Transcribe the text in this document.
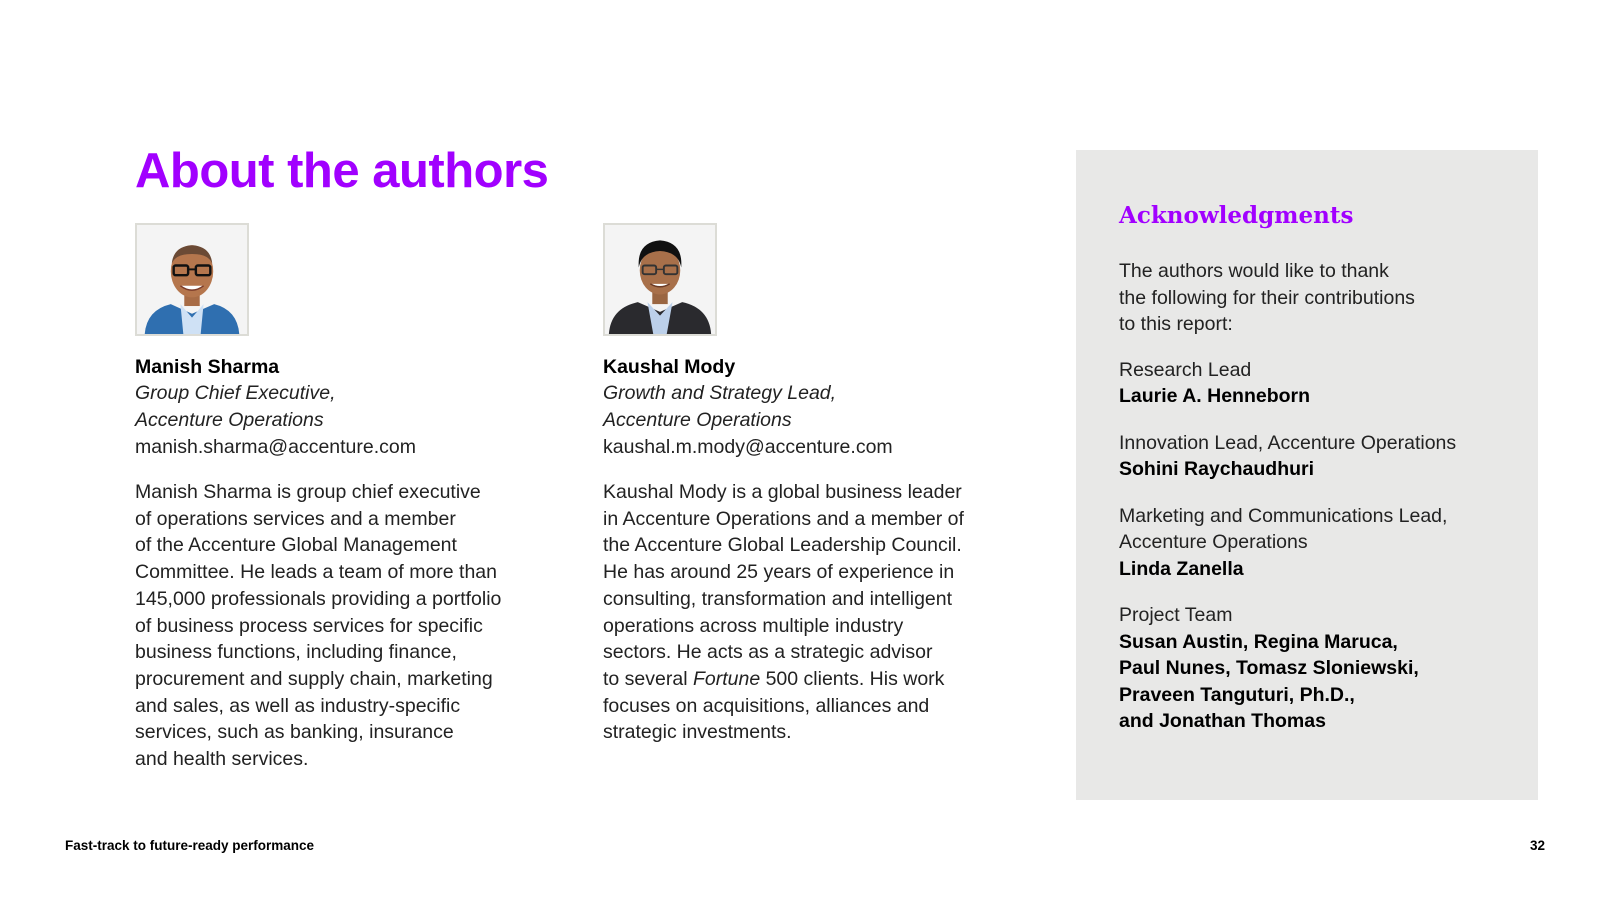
About the authors
Manish Sharma
Group Chief Executive,
Accenture Operations
manish.sharma@accenture.com

Manish Sharma is group chief executive

of operations services and a member

of the Accenture Global Management

Committee. He leads a team of more than

145,000 professionals providing a portfolio

of business process services for specific

business functions, including finance,

procurement and supply chain, marketing

and sales, as well as industry-specific

services, such as banking, insurance

and health services.

Kaushal Mody
Growth and Strategy Lead,
Accenture Operations
kaushal.m.mody@accenture.com

Kaushal Mody is a global business leader

in Accenture Operations and a member of

the Accenture Global Leadership Council.

He has around 25 years of experience in

consulting, transformation and intelligent

operations across multiple industry

sectors. He acts as a strategic advisor

to several Fortune 500 clients. His work

focuses on acquisitions, alliances and

strategic investments.

Acknowledgments

The authors would like to thank
the following for their contributions
to this report:

Research Lead
Laurie A. Henneborn
Innovation Lead, Accenture Operations
Sohini Raychaudhuri
Marketing and Communications Lead,
Accenture Operations
Linda Zanella
Project Team
Susan Austin, Regina Maruca,
Paul Nunes, Tomasz Sloniewski,
Praveen Tanguturi, Ph.D.,
and Jonathan Thomas
Fast-track to future-ready performance	32
